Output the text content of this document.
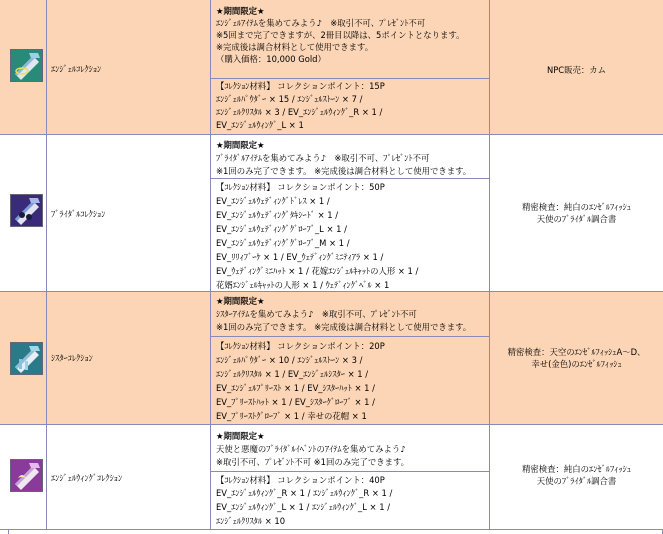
ｴﾝｼﾞｪﾙｺﾚｸｼｮﾝ
★期間限定★
ｴﾝｼﾞｪﾙｱｲﾃﾑを集めてみよう♪　※取引不可、ﾌﾟﾚｾﾞﾝﾄ不可
※5回まで完了できますが、2冊目以降は、5ポイントとなります。
※完成後は調合材料として使用できます。
（購入価格：10,000 Gold）
【ｺﾚｸｼｮﾝ材料】 コレクションポイント：15P
ｴﾝｼﾞｪﾙﾊﾟｳﾀﾞｰ × 15 / ｴﾝｼﾞｪﾙｽﾄｰﾝ × 7 /
ｴﾝｼﾞｪﾙｸﾘｽﾀﾙ × 3 / EV_ｴﾝｼﾞｪﾙｳｨﾝｸﾞ_R × 1 /
EV_ｴﾝｼﾞｪﾙｳｨﾝｸﾞ_L × 1
NPC販売：カム
ﾌﾞﾗｲﾀﾞﾙｺﾚｸｼｮﾝ
★期間限定★
ﾌﾞﾗｲﾀﾞﾙｱｲﾃﾑを集めてみよう♪　※取引不可、ﾌﾟﾚｾﾞﾝﾄ不可
※1回のみ完了できます。 ※完成後は調合材料として使用できます。
【ｺﾚｸｼｮﾝ材料】 コレクションポイント：50P
EV_ｴﾝｼﾞｪﾙｳｪﾃﾞｨﾝｸﾞﾄﾞﾚｽ × 1 /
EV_ｴﾝｼﾞｪﾙｳｪﾃﾞｨﾝｸﾞﾀｷｼｰﾄﾞ × 1 /
EV_ｴﾝｼﾞｪﾙｳｪﾃﾞｨﾝｸﾞｸﾞﾛｰﾌﾞ_L × 1 /
EV_ｴﾝｼﾞｪﾙｳｪﾃﾞｨﾝｸﾞｸﾞﾛｰﾌﾞ_M × 1 /
EV_ﾘﾘｨﾌﾞｰｹ × 1 / EV_ｳｪﾃﾞｨﾝｸﾞﾐﾆﾃｨｱﾗ × 1 /
EV_ｳｪﾃﾞｨﾝｸﾞﾐﾆﾊｯﾄ × 1 / 花嫁ｴﾝｼﾞｪﾙｷｬｯﾄの人形 × 1 /
花婿ｴﾝｼﾞｪﾙｷｬｯﾄの人形 × 1 / ｳｪﾃﾞｨﾝｸﾞﾍﾞﾙ × 1
精密検査：純白のｴﾝｾﾞﾙﾌｨｯｼｭ
天使のﾌﾞﾗｲﾀﾞﾙ調合書
ｼｽﾀｰｺﾚｸｼｮﾝ
★期間限定★
ｼｽﾀｰｱｲﾃﾑを集めてみよう♪　※取引不可、ﾌﾟﾚｾﾞﾝﾄ不可
※1回のみ完了できます。 ※完成後は調合材料として使用できます。
【ｺﾚｸｼｮﾝ材料】 コレクションポイント：20P
ｴﾝｼﾞｪﾙﾊﾟｳﾀﾞｰ × 10 / ｴﾝｼﾞｪﾙｽﾄｰﾝ × 3 /
ｴﾝｼﾞｪﾙｸﾘｽﾀﾙ × 1 / EV_ｴﾝｼﾞｪﾙｼｽﾀｰ × 1 /
EV_ｴﾝｼﾞｪﾙﾌﾟﾘｰｽﾄ × 1 / EV_ｼｽﾀｰﾊｯﾄ × 1 /
EV_ﾌﾟﾘｰｽﾄﾊｯﾄ × 1 / EV_ｼｽﾀｰｸﾞﾛｰﾌﾞ × 1 /
EV_ﾌﾟﾘｰｽﾄｸﾞﾛｰﾌﾞ × 1 / 幸せの花帽 × 1
精密検査：天空のｴﾝｾﾞﾙﾌｨｯｼｭA～D、
幸せ(金色)のｴﾝｾﾞﾙﾌｨｯｼｭ
ｴﾝｼﾞｪﾙｳｨﾝｸﾞｺﾚｸｼｮﾝ
★期間限定★
天使と悪魔のﾌﾞﾗｲﾀﾞﾙｲﾍﾞﾝﾄのｱｲﾃﾑを集めてみよう♪
※取引不可、ﾌﾟﾚｾﾞﾝﾄ不可 ※1回のみ完了できます。
【ｺﾚｸｼｮﾝ材料】 コレクションポイント：40P
EV_ｴﾝｼﾞｪﾙｳｨﾝｸﾞ_R × 1 / ｴﾝｼﾞｪﾙｳｨﾝｸﾞ_R × 1 /
EV_ｴﾝｼﾞｪﾙｳｨﾝｸﾞ_L × 1 / ｴﾝｼﾞｪﾙｳｨﾝｸﾞ_L × 1 /
ｴﾝｼﾞｪﾙｸﾘｽﾀﾙ × 10
精密検査：純白のｴﾝｾﾞﾙﾌｨｯｼｭ
天使のﾌﾞﾗｲﾀﾞﾙ調合書
